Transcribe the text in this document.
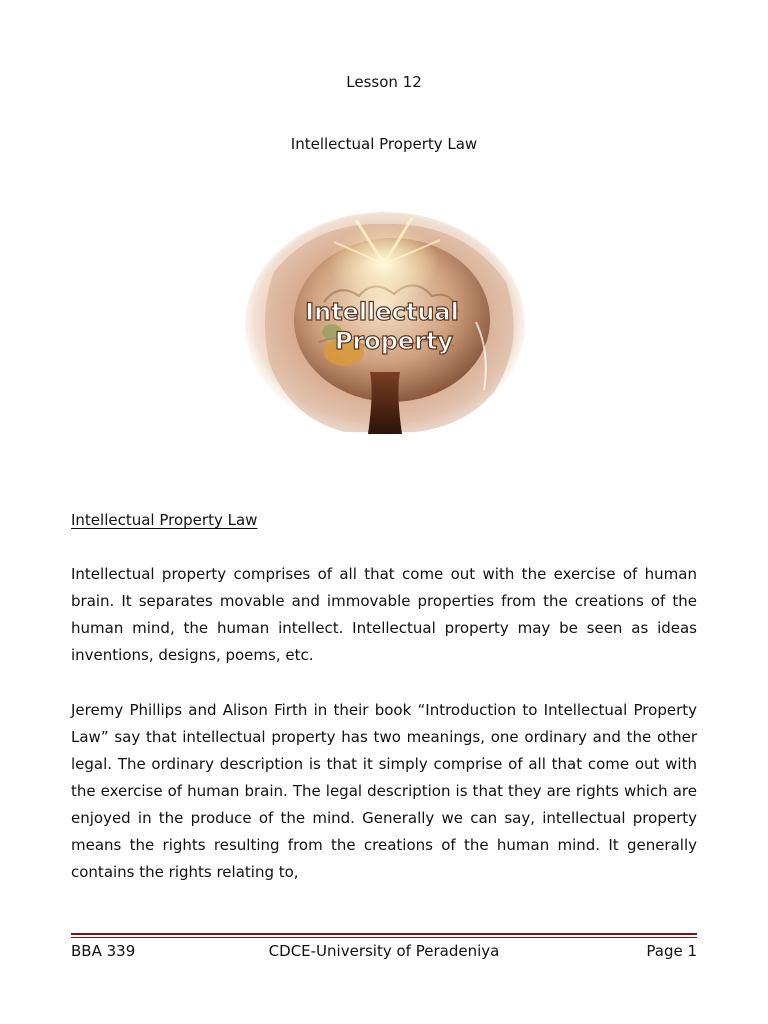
Lesson 12
Intellectual Property Law
Intellectual
Property
Intellectual Property Law

Intellectual property comprises of all that come out with the exercise of human brain. It separates movable and immovable properties from the creations of the human mind, the human intellect. Intellectual property may be seen as ideas inventions, designs, poems, etc.

Jeremy Phillips and Alison Firth in their book “Introduction to Intellectual Property Law” say that intellectual property has two meanings, one ordinary and the other legal. The ordinary description is that it simply comprise of all that come out with the exercise of human brain. The legal description is that they are rights which are enjoyed in the produce of the mind. Generally we can say, intellectual property means the rights resulting from the creations of the human mind. It generally contains the rights relating to,

BBA 339	CDCE-University of Peradeniya	Page 1
